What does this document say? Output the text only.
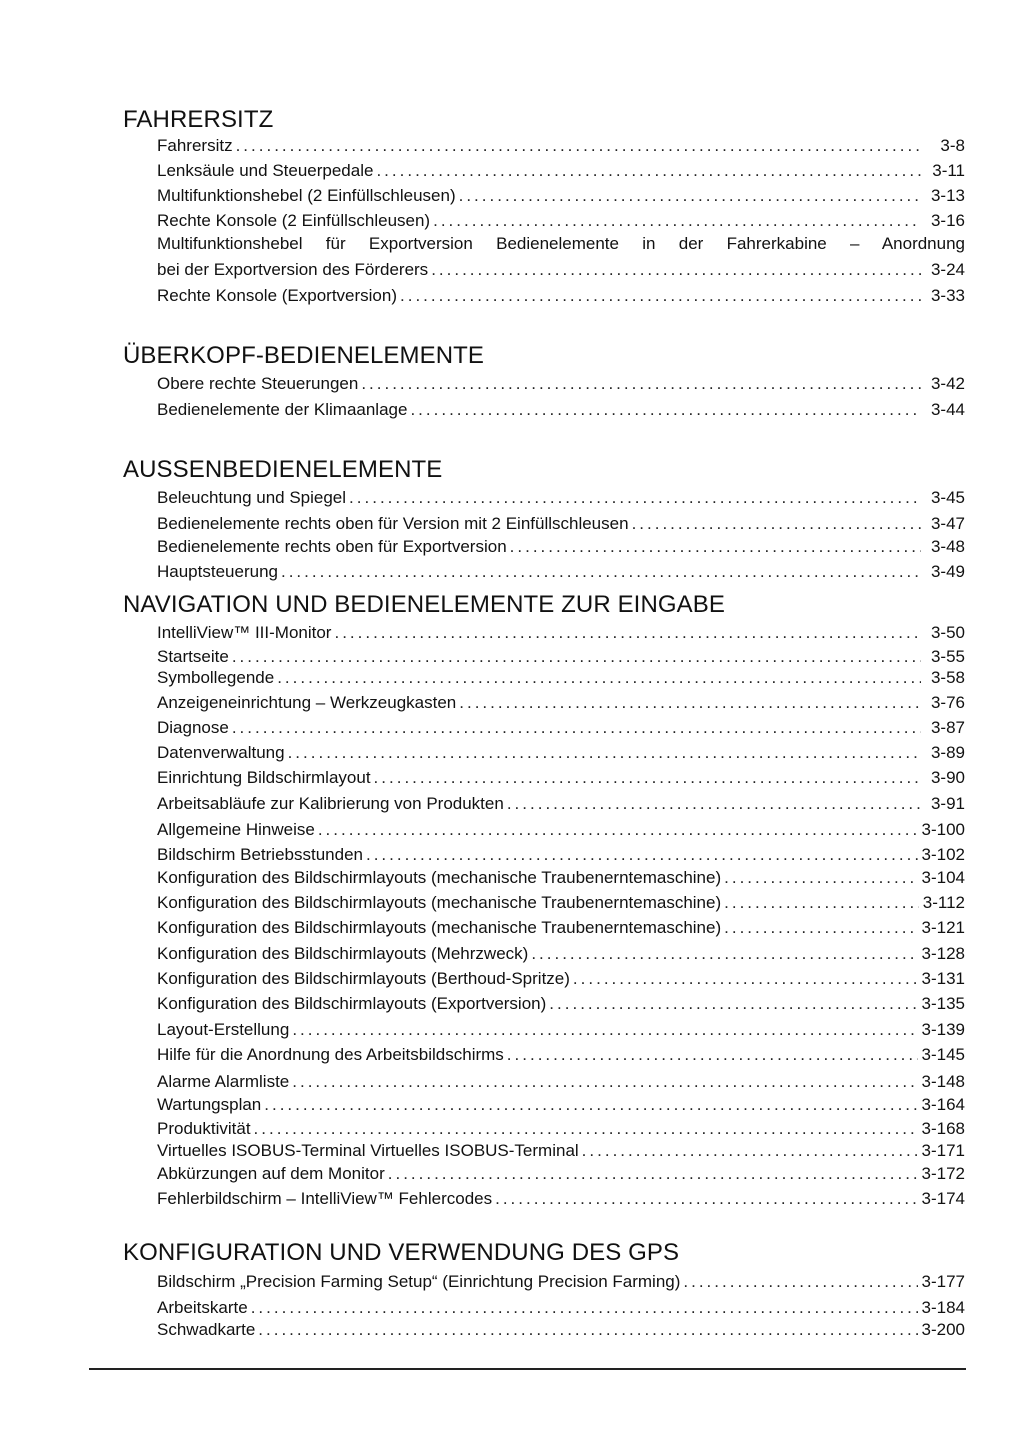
FAHRERSITZ
Fahrersitz .....	3-8
Lenksäule und Steuerpedale .....	3-11
Multifunktionshebel (2 Einfüllschleusen) .....	3-13
Rechte Konsole (2 Einfüllschleusen) .....	3-16
Multifunktionshebel für Exportversion Bedienelemente in der Fahrerkabine – Anordnung
bei der Exportversion des Förderers .....	3-24
Rechte Konsole (Exportversion) .....	3-33
ÜBERKOPF-BEDIENELEMENTE
Obere rechte Steuerungen .....	3-42
Bedienelemente der Klimaanlage .....	3-44
AUSSENBEDIENELEMENTE
Beleuchtung und Spiegel .....	3-45
Bedienelemente rechts oben für Version mit 2 Einfüllschleusen .....	3-47
Bedienelemente rechts oben für Exportversion .....	3-48
Hauptsteuerung .....	3-49
NAVIGATION UND BEDIENELEMENTE ZUR EINGABE
IntelliView™ III-Monitor .....	3-50
Startseite .....	3-55
Symbollegende .....	3-58
Anzeigeneinrichtung – Werkzeugkasten .....	3-76
Diagnose .....	3-87
Datenverwaltung .....	3-89
Einrichtung Bildschirmlayout .....	3-90
Arbeitsabläufe zur Kalibrierung von Produkten .....	3-91
Allgemeine Hinweise .....	3-100
Bildschirm Betriebsstunden .....	3-102
Konfiguration des Bildschirmlayouts (mechanische Traubenerntemaschine) .....	3-104
Konfiguration des Bildschirmlayouts (mechanische Traubenerntemaschine) .....	3-112
Konfiguration des Bildschirmlayouts (mechanische Traubenerntemaschine) .....	3-121
Konfiguration des Bildschirmlayouts (Mehrzweck) .....	3-128
Konfiguration des Bildschirmlayouts (Berthoud-Spritze) .....	3-131
Konfiguration des Bildschirmlayouts (Exportversion) .....	3-135
Layout-Erstellung .....	3-139
Hilfe für die Anordnung des Arbeitsbildschirms .....	3-145
Alarme Alarmliste .....	3-148
Wartungsplan .....	3-164
Produktivität .....	3-168
Virtuelles ISOBUS-Terminal Virtuelles ISOBUS-Terminal .....	3-171
Abkürzungen auf dem Monitor .....	3-172
Fehlerbildschirm – IntelliView™ Fehlercodes .....	3-174
KONFIGURATION UND VERWENDUNG DES GPS
Bildschirm „Precision Farming Setup“ (Einrichtung Precision Farming) .....	3-177
Arbeitskarte .....	3-184
Schwadkarte .....	3-200
